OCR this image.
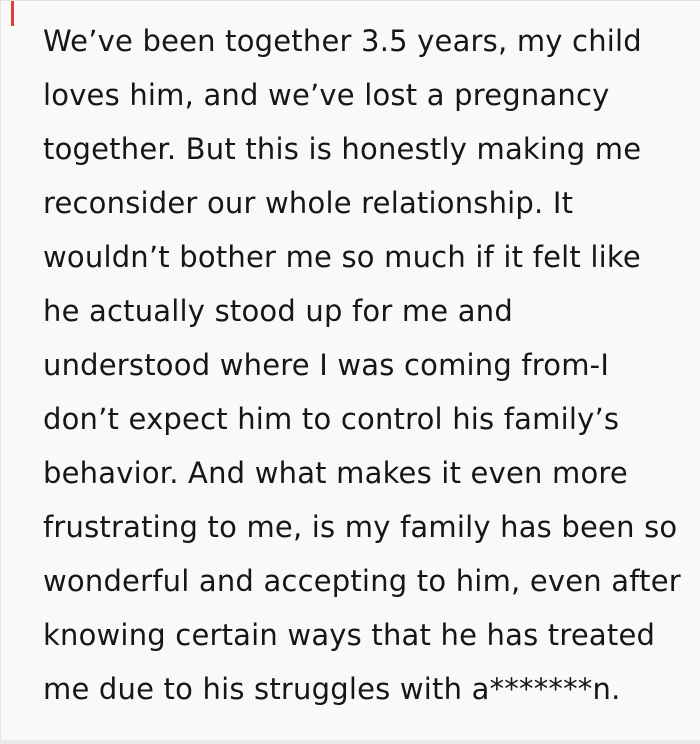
We’ve been together 3.5 years, my child
loves him, and we’ve lost a pregnancy
together. But this is honestly making me
reconsider our whole relationship. It
wouldn’t bother me so much if it felt like
he actually stood up for me and
understood where I was coming from-I
don’t expect him to control his family’s
behavior. And what makes it even more
frustrating to me, is my family has been so
wonderful and accepting to him, even after
knowing certain ways that he has treated
me due to his struggles with a*******n.
